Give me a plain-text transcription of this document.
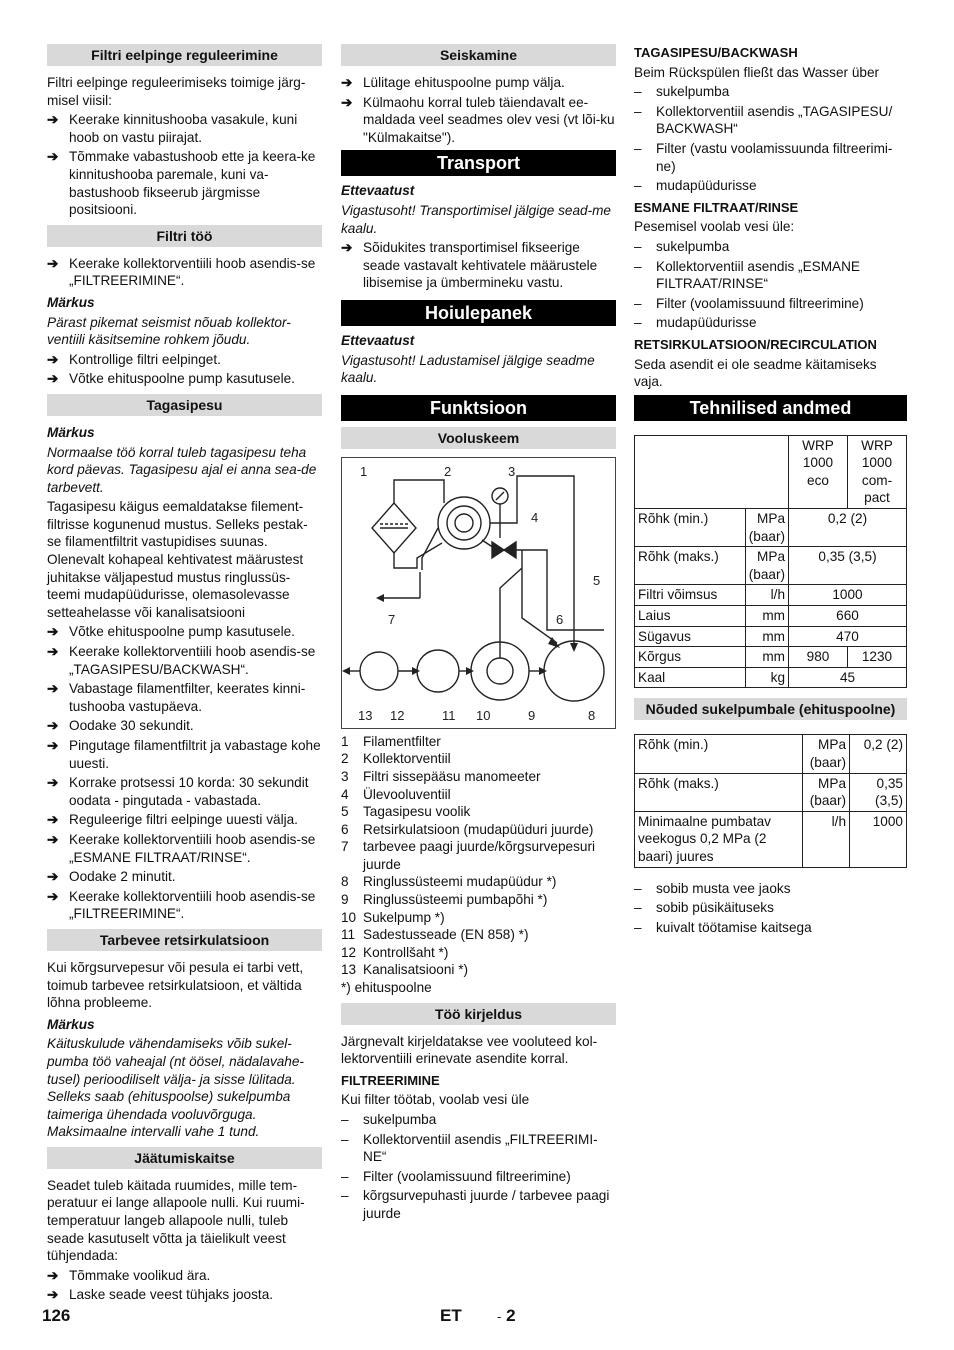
Filtri eelpinge reguleerimine

Filtri eelpinge reguleerimiseks toimige järg-misel viisil:

➔ Keerake kinnitushooba vasakule, kuni hoob on vastu piirajat.
➔ Tõmmake vabastushoob ette ja keera-ke kinnitushooba paremale, kuni va-bastushoob fikseerub järgmisse positsiooni.
Filtri töö
➔ Keerake kollektorventiili hoob asendis-se „FILTREERIMINE“.

Märkus

Pärast pikemat seismist nõuab kollektor-ventiili käsitsemine rohkem jõudu.

➔ Kontrollige filtri eelpinget.
➔ Võtke ehituspoolne pump kasutusele.
Tagasipesu

Märkus

Normaalse töö korral tuleb tagasipesu teha kord päevas. Tagasipesu ajal ei anna sea-de tarbevett.

Tagasipesu käigus eemaldatakse filement-filtrisse kogunenud mustus. Selleks pestak-se filamentfiltrit vastupidises suunas. Olenevalt kohapeal kehtivatest määrustest juhitakse väljapestud mustus ringlussüs-teemi mudapüüdurisse, olemasolevasse setteahelasse või kanalisatsiooni

➔ Võtke ehituspoolne pump kasutusele.
➔ Keerake kollektorventiili hoob asendis-se „TAGASIPESU/BACKWASH“.
➔ Vabastage filamentfilter, keerates kinni-tushooba vastupäeva.
➔ Oodake 30 sekundit.
➔ Pingutage filamentfiltrit ja vabastage kohe uuesti.
➔ Korrake protsessi 10 korda: 30 sekundit oodata - pingutada - vabastada.
➔ Reguleerige filtri eelpinge uuesti välja.
➔ Keerake kollektorventiili hoob asendis-se „ESMANE FILTRAAT/RINSE“.
➔ Oodake 2 minutit.
➔ Keerake kollektorventiili hoob asendis-se „FILTREERIMINE“.
Tarbevee retsirkulatsioon

Kui kõrgsurvepesur või pesula ei tarbi vett, toimub tarbevee retsirkulatsioon, et vältida lõhna probleeme.

Märkus

Käituskulude vähendamiseks võib sukel-pumba töö vaheajal (nt öösel, nädalavahe-tusel) perioodiliselt välja- ja sisse lülitada. Selleks saab (ehituspoolse) sukelpumba taimeriga ühendada vooluvõrguga. Maksimaalne intervalli vahe 1 tund.

Jäätumiskaitse

Seadet tuleb käitada ruumides, mille tem-peratuur ei lange allapoole nulli. Kui ruumi-temperatuur langeb allapoole nulli, tuleb seade kasutuselt võtta ja täielikult veest tühjendada:

➔ Tõmmake voolikud ära.
➔ Laske seade veest tühjaks joosta.
Seiskamine
➔ Lülitage ehituspoolne pump välja.
➔ Külmaohu korral tuleb täiendavalt ee-maldada veel seadmes olev vesi (vt lõi-ku "Külmakaitse").
Transport

Ettevaatust

Vigastusoht! Transportimisel jälgige sead-me kaalu.

➔ Sõidukites transportimisel fikseerige seade vastavalt kehtivatele määrustele libisemise ja ümbermineku vastu.
Hoiulepanek

Ettevaatust

Vigastusoht! Ladustamisel jälgige seadme kaalu.

Funktsioon
Vooluskeem
1	2	3
4
5
6
7
8
9
10
11
12
13
1	Filamentfilter
2	Kollektorventiil
3	Filtri sissepääsu manomeeter
4	Ülevooluventiil
5	Tagasipesu voolik
6	Retsirkulatsioon (mudapüüduri juurde)
7	tarbevee paagi juurde/kõrgsurvepesuri juurde
8	Ringlussüsteemi mudapüüdur *)
9	Ringlussüsteemi pumbapõhi *)
10 Sukelpump *)
11 Sadestusseade (EN 858) *)
12 Kontrollšaht *)
13 Kanalisatsiooni *)

*) ehituspoolne

Töö kirjeldus

Järgnevalt kirjeldatakse vee vooluteed kol-lektorventiili erinevate asendite korral.

FILTREERIMINE

Kui filter töötab, voolab vesi üle

–	sukelpumba
–	Kollektorventiil asendis „FILTREERIMI-NE“
–	Filter (voolamissuund filtreerimine)
–	kõrgsurvepuhasti juurde / tarbevee paagi juurde

TAGASIPESU/BACKWASH

Beim Rückspülen fließt das Wasser über

–	sukelpumba
–	Kollektorventiil asendis „TAGASIPESU/ BACKWASH“
–	Filter (vastu voolamissuunda filtreerimi-ne)
–	mudapüüdurisse

ESMANE FILTRAAT/RINSE

Pesemisel voolab vesi üle:

–	sukelpumba
–	Kollektorventiil asendis „ESMANE FILTRAAT/RINSE“
–	Filter (voolamissuund filtreerimine)
–	mudapüüdurisse

RETSIRKULATSIOON/RECIRCULATION

Seda asendit ei ole seadme käitamiseks vaja.

Tehnilised andmed
		WRP 1000 eco	WRP 1000 com-pact
Rõhk (min.)	MPa (baar)	0,2 (2)	
Rõhk (maks.)	MPa (baar)	0,35 (3,5)	
Filtri võimsus	l/h	1000	
Laius	mm	660	
Sügavus	mm	470	
Kõrgus	mm	980	1230
Kaal	kg	45	
Nõuded sukelpumbale (ehituspoolne)
Rõhk (min.)	MPa (baar)	0,2 (2)
Rõhk (maks.)	MPa (baar)	0,35 (3,5)
Minimaalne pumbatav veekogus 0,2 MPa (2 baari) juures	l/h	1000
–	sobib musta vee jaoks
–	sobib püsikäituseks
–	kuivalt töötamise kaitsega
126	ET	- 2
